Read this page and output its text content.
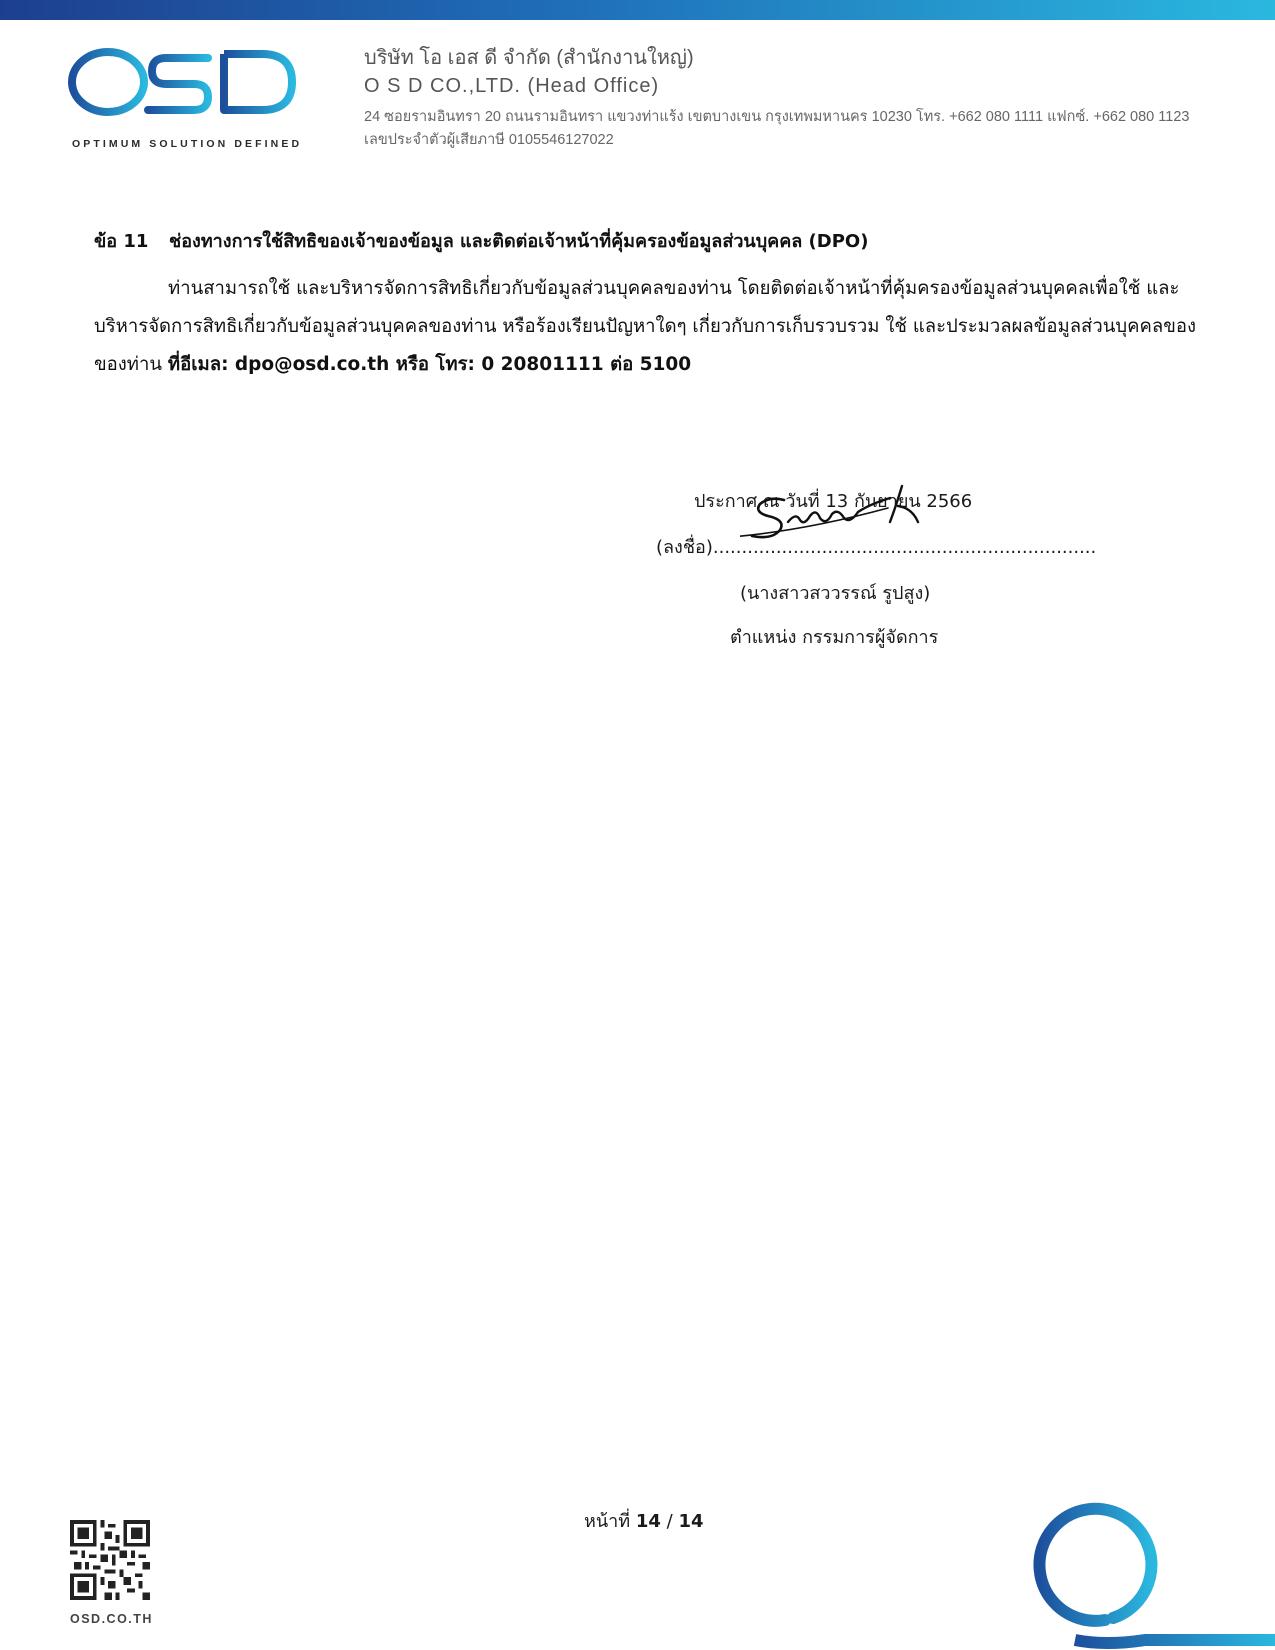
OPTIMUM SOLUTION DEFINED
บริษัท โอ เอส ดี จำกัด (สำนักงานใหญ่)
O S D CO.,LTD. (Head Office)
24 ซอยรามอินทรา 20 ถนนรามอินทรา แขวงท่าแร้ง เขตบางเขน กรุงเทพมหานคร 10230 โทร. +662 080 1111 แฟกซ์. +662 080 1123
เลขประจำตัวผู้เสียภาษี 0105546127022
ข้อ 11 ช่องทางการใช้สิทธิของเจ้าของข้อมูล และติดต่อเจ้าหน้าที่คุ้มครองข้อมูลส่วนบุคคล (DPO)
ท่านสามารถใช้ และบริหารจัดการสิทธิเกี่ยวกับข้อมูลส่วนบุคคลของท่าน โดยติดต่อเจ้าหน้าที่คุ้มครองข้อมูลส่วนบุคคลเพื่อใช้ และ
บริหารจัดการสิทธิเกี่ยวกับข้อมูลส่วนบุคคลของท่าน หรือร้องเรียนปัญหาใดๆ เกี่ยวกับการเก็บรวบรวม ใช้ และประมวลผลข้อมูลส่วนบุคคลของ
ของท่าน ที่อีเมล: dpo@osd.co.th หรือ โทร: 0 20801111 ต่อ 5100
ประกาศ ณ วันที่ 13 กันยายน 2566
(ลงชื่อ)...................................................................
(นางสาวสววรรณ์ รูปสูง)
ตำแหน่ง กรรมการผู้จัดการ
หน้าที่ 14 / 14
OSD.CO.TH
